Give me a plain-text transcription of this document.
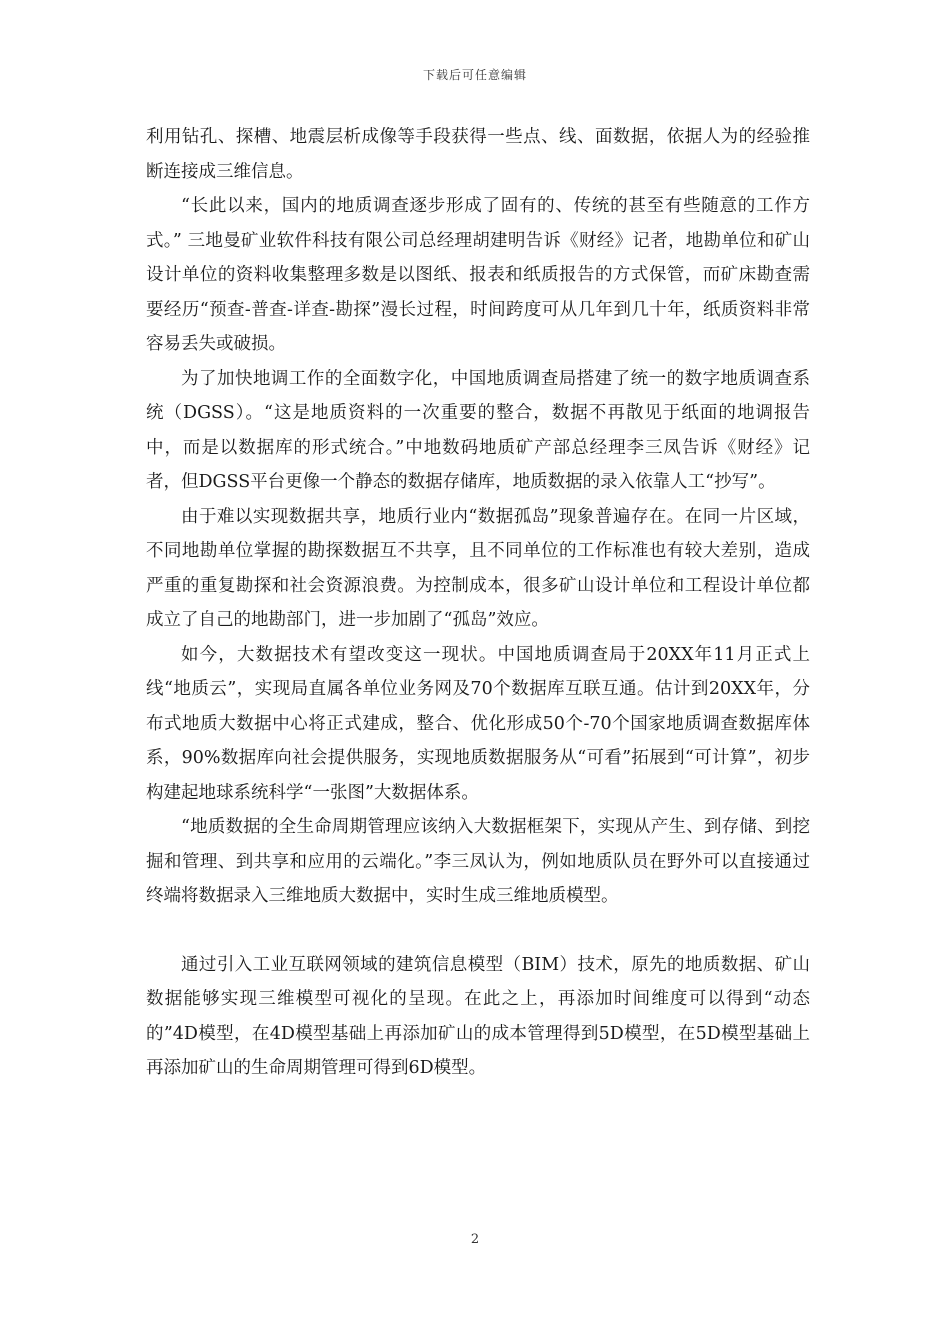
下载后可任意编辑

利用钻孔、探槽、地震层析成像等手段获得一些点、线、面数据，依据人为的经验推断连接成三维信息。

“长此以来，国内的地质调查逐步形成了固有的、传统的甚至有些随意的工作方式。” 三地曼矿业软件科技有限公司总经理胡建明告诉《财经》记者，地勘单位和矿山设计单位的资料收集整理多数是以图纸、报表和纸质报告的方式保管，而矿床勘查需要经历“预查-普查-详查-勘探”漫长过程，时间跨度可从几年到几十年，纸质资料非常容易丢失或破损。

为了加快地调工作的全面数字化，中国地质调查局搭建了统一的数字地质调查系统（DGSS）。“这是地质资料的一次重要的整合，数据不再散见于纸面的地调报告中，而是以数据库的形式统合。”中地数码地质矿产部总经理李三凤告诉《财经》记者，但DGSS平台更像一个静态的数据存储库，地质数据的录入依靠人工“抄写”。

由于难以实现数据共享，地质行业内“数据孤岛”现象普遍存在。在同一片区域，不同地勘单位掌握的勘探数据互不共享，且不同单位的工作标准也有较大差别，造成严重的重复勘探和社会资源浪费。为控制成本，很多矿山设计单位和工程设计单位都成立了自己的地勘部门，进一步加剧了“孤岛”效应。

如今，大数据技术有望改变这一现状。中国地质调查局于20XX年11月正式上线“地质云”，实现局直属各单位业务网及70个数据库互联互通。估计到20XX年，分布式地质大数据中心将正式建成，整合、优化形成50个-70个国家地质调查数据库体系，90%数据库向社会提供服务，实现地质数据服务从“可看”拓展到“可计算”，初步构建起地球系统科学“一张图”大数据体系。

“地质数据的全生命周期管理应该纳入大数据框架下，实现从产生、到存储、到挖掘和管理、到共享和应用的云端化。”李三凤认为，例如地质队员在野外可以直接通过终端将数据录入三维地质大数据中，实时生成三维地质模型。

通过引入工业互联网领域的建筑信息模型（BIM）技术，原先的地质数据、矿山数据能够实现三维模型可视化的呈现。在此之上，再添加时间维度可以得到“动态的”4D模型，在4D模型基础上再添加矿山的成本管理得到5D模型，在5D模型基础上再添加矿山的生命周期管理可得到6D模型。

2
